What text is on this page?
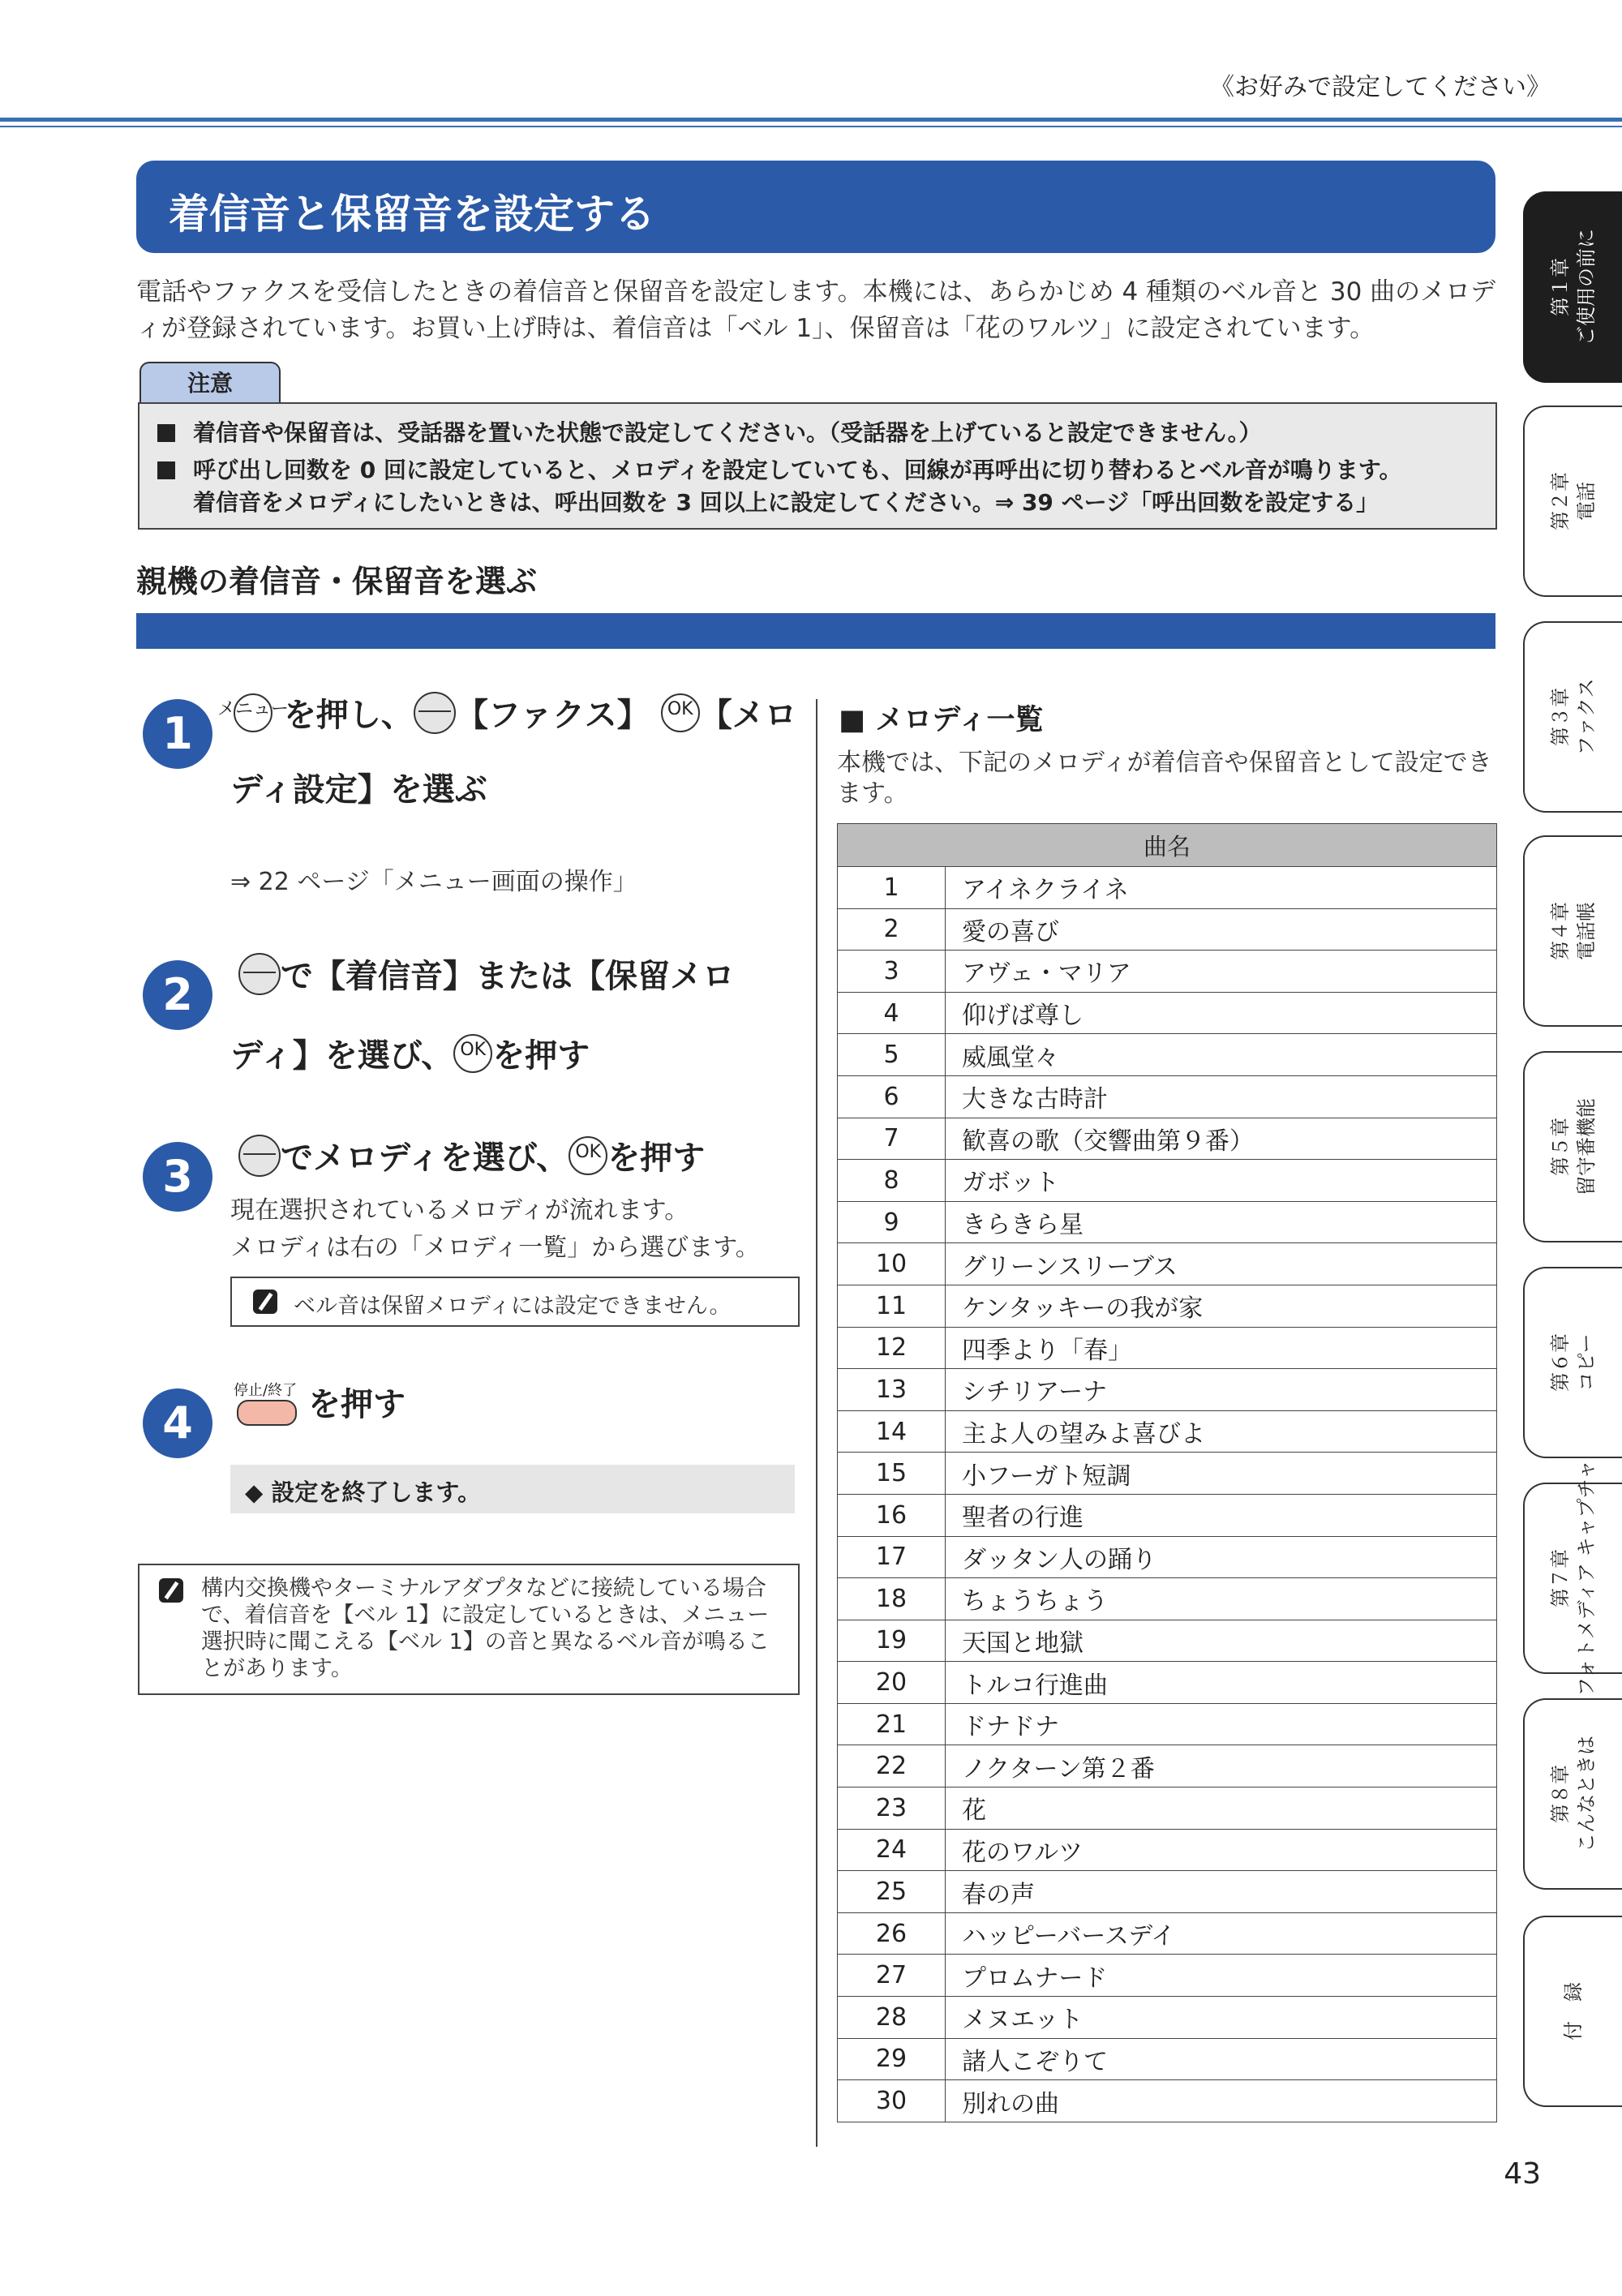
《お好みで設定してください》
着信音と保留音を設定する
電話やファクスを受信したときの着信音と保留音を設定します。本機には、あらかじめ 4 種類のベル音と 30 曲のメロディが登録されています。お買い上げ時は、着信音は「ベル 1」、保留音は「花のワルツ」に設定されています。
注意
着信音や保留音は、受話器を置いた状態で設定してください。（受話器を上げていると設定できません。）
呼び出し回数を 0 回に設定していると、メロディを設定していても、回線が再呼出に切り替わるとベル音が鳴ります。
着信音をメロディにしたいときは、呼出回数を 3 回以上に設定してください。⇒ 39 ページ「呼出回数を設定する」
親機の着信音・保留音を選ぶ
1	メニュー
を押し、 【ファクス】 OK 【メロ
ディ設定】を選ぶ
⇒ 22 ページ「メニュー画面の操作」
2	で【着信音】または【保留メロ
ディ】を選び、 OK を押す
3	でメロディを選び、 OK を押す
現在選択されているメロディが流れます。
メロディは右の「メロディ一覧」から選びます。
ベル音は保留メロディには設定できません。
4
停止/終了 を押す
◆ 設定を終了します。
構内交換機やターミナルアダプタなどに接続している場合
で、着信音を【ベル 1】に設定しているときは、メニュー
選択時に聞こえる【ベル 1】の音と異なるベル音が鳴るこ
とがあります。
■ メロディ一覧
本機では、下記のメロディが着信音や保留音として設定でき
ます。
曲名	
1	アイネクライネ
2	愛の喜び
3	アヴェ・マリア
4	仰げば尊し
5	威風堂々
6	大きな古時計
7	歓喜の歌（交響曲第９番）
8	ガボット
9	きらきら星
10	グリーンスリーブス
11	ケンタッキーの我が家
12	四季より「春」
13	シチリアーナ
14	主よ人の望みよ喜びよ
15	小フーガト短調
16	聖者の行進
17	ダッタン人の踊り
18	ちょうちょう
19	天国と地獄
20	トルコ行進曲
21	ドナドナ
22	ノクターン第２番
23	花
24	花のワルツ
25	春の声
26	ハッピーバースデイ
27	プロムナード
28	メヌエット
29	諸人こぞりて
30	別れの曲
第１章 ご使用の前に
第２章 電話
第３章 ファクス
第４章 電話帳
第５章 留守番機能
第６章 コピー
第７章 フォトメディア キャプチャ
第８章 こんなときは
付　録
43
